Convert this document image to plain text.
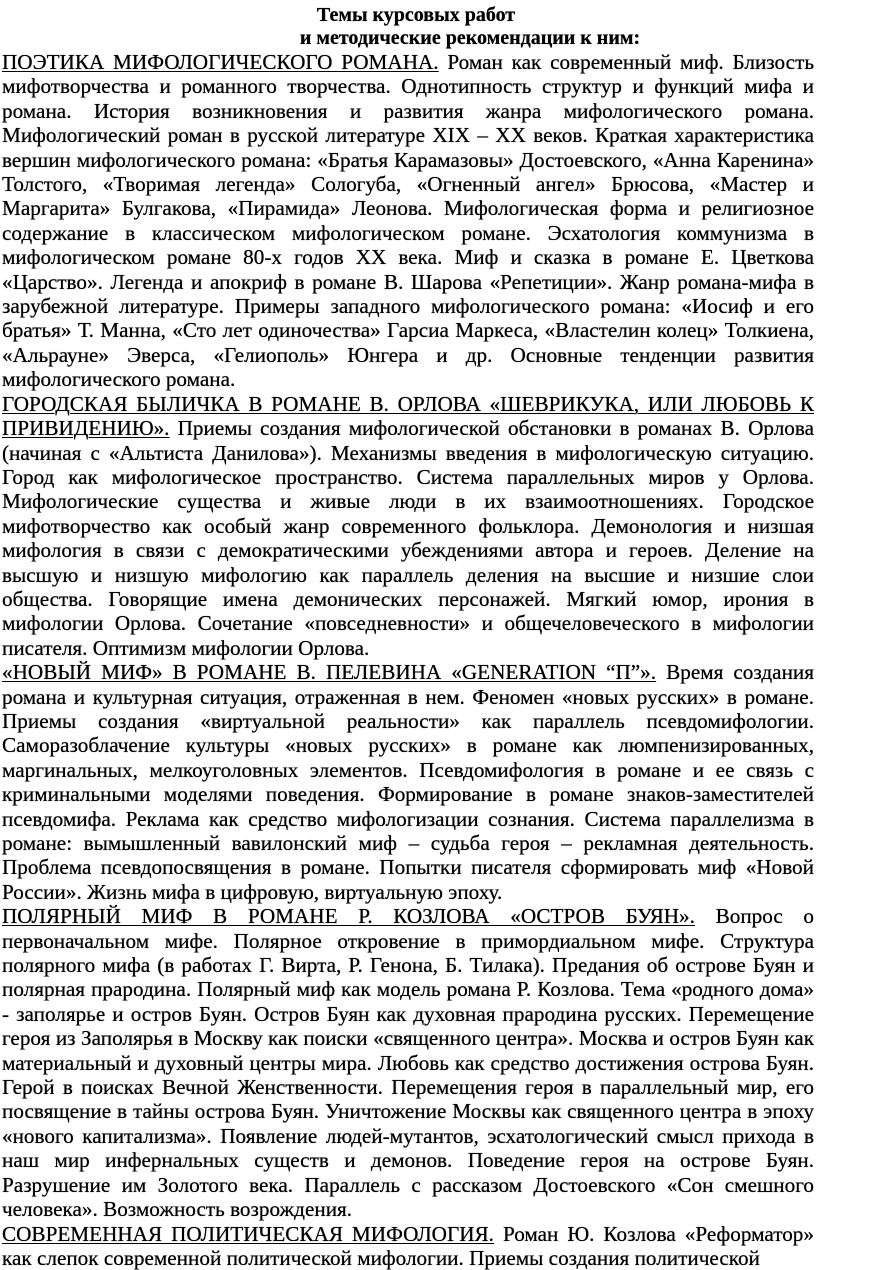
Темы курсовых работ
и методические рекомендации к ним:

ПОЭТИКА МИФОЛОГИЧЕСКОГО РОМАНА. Роман как современный миф. Близость мифотворчества и романного творчества. Однотипность структур и функций мифа и романа. История возникновения и развития жанра мифологического романа. Мифологический роман в русской литературе XIX – XX веков. Краткая характеристика вершин мифологического романа: «Братья Карамазовы» Достоевского, «Анна Каренина» Толстого, «Творимая легенда» Сологуба, «Огненный ангел» Брюсова, «Мастер и Маргарита» Булгакова, «Пирамида» Леонова. Мифологическая форма и религиозное содержание в классическом мифологическом романе. Эсхатология коммунизма в мифологическом романе 80-х годов XX века. Миф и сказка в романе Е. Цветкова «Царство». Легенда и апокриф в романе В. Шарова «Репетиции». Жанр романа-мифа в зарубежной литературе. Примеры западного мифологического романа: «Иосиф и его братья» Т. Манна, «Сто лет одиночества» Гарсиа Маркеса, «Властелин колец» Толкиена, «Альрауне» Эверса, «Гелиополь» Юнгера и др. Основные тенденции развития мифологического романа.

ГОРОДСКАЯ БЫЛИЧКА В РОМАНЕ В. ОРЛОВА «ШЕВРИКУКА, ИЛИ ЛЮБОВЬ К ПРИВИДЕНИЮ». Приемы создания мифологической обстановки в романах В. Орлова (начиная с «Альтиста Данилова»). Механизмы введения в мифологическую ситуацию. Город как мифологическое пространство. Система параллельных миров у Орлова. Мифологические существа и живые люди в их взаимоотношениях. Городское мифотворчество как особый жанр современного фольклора. Демонология и низшая мифология в связи с демократическими убеждениями автора и героев. Деление на высшую и низшую мифологию как параллель деления на высшие и низшие слои общества. Говорящие имена демонических персонажей. Мягкий юмор, ирония в мифологии Орлова. Сочетание «повседневности» и общечеловеческого в мифологии писателя. Оптимизм мифологии Орлова.

«НОВЫЙ МИФ» В РОМАНЕ В. ПЕЛЕВИНА «GENERATION “П”». Время создания романа и культурная ситуация, отраженная в нем. Феномен «новых русских» в романе. Приемы создания «виртуальной реальности» как параллель псевдомифологии. Саморазоблачение культуры «новых русских» в романе как люмпенизированных, маргинальных, мелкоуголовных элементов. Псевдомифология в романе и ее связь с криминальными моделями поведения. Формирование в романе знаков-заместителей псевдомифа. Реклама как средство мифологизации сознания. Система параллелизма в романе: вымышленный вавилонский миф – судьба героя – рекламная деятельность. Проблема псевдопосвящения в романе. Попытки писателя сформировать миф «Новой России». Жизнь мифа в цифровую, виртуальную эпоху.

ПОЛЯРНЫЙ МИФ В РОМАНЕ Р. КОЗЛОВА «ОСТРОВ БУЯН». Вопрос о первоначальном мифе. Полярное откровение в примордиальном мифе. Структура полярного мифа (в работах Г. Вирта, Р. Генона, Б. Тилака). Предания об острове Буян и полярная прародина. Полярный миф как модель романа Р. Козлова. Тема «родного дома» - заполярье и остров Буян. Остров Буян как духовная прародина русских. Перемещение героя из Заполярья в Москву как поиски «священного центра». Москва и остров Буян как материальный и духовный центры мира. Любовь как средство достижения острова Буян. Герой в поисках Вечной Женственности. Перемещения героя в параллельный мир, его посвящение в тайны острова Буян. Уничтожение Москвы как священного центра в эпоху «нового капитализма». Появление людей-мутантов, эсхатологический смысл прихода в наш мир инфернальных существ и демонов. Поведение героя на острове Буян. Разрушение им Золотого века. Параллель с рассказом Достоевского «Сон смешного человека». Возможность возрождения.

СОВРЕМЕННАЯ ПОЛИТИЧЕСКАЯ МИФОЛОГИЯ. Роман Ю. Козлова «Реформатор» как слепок современной политической мифологии. Приемы создания политической
